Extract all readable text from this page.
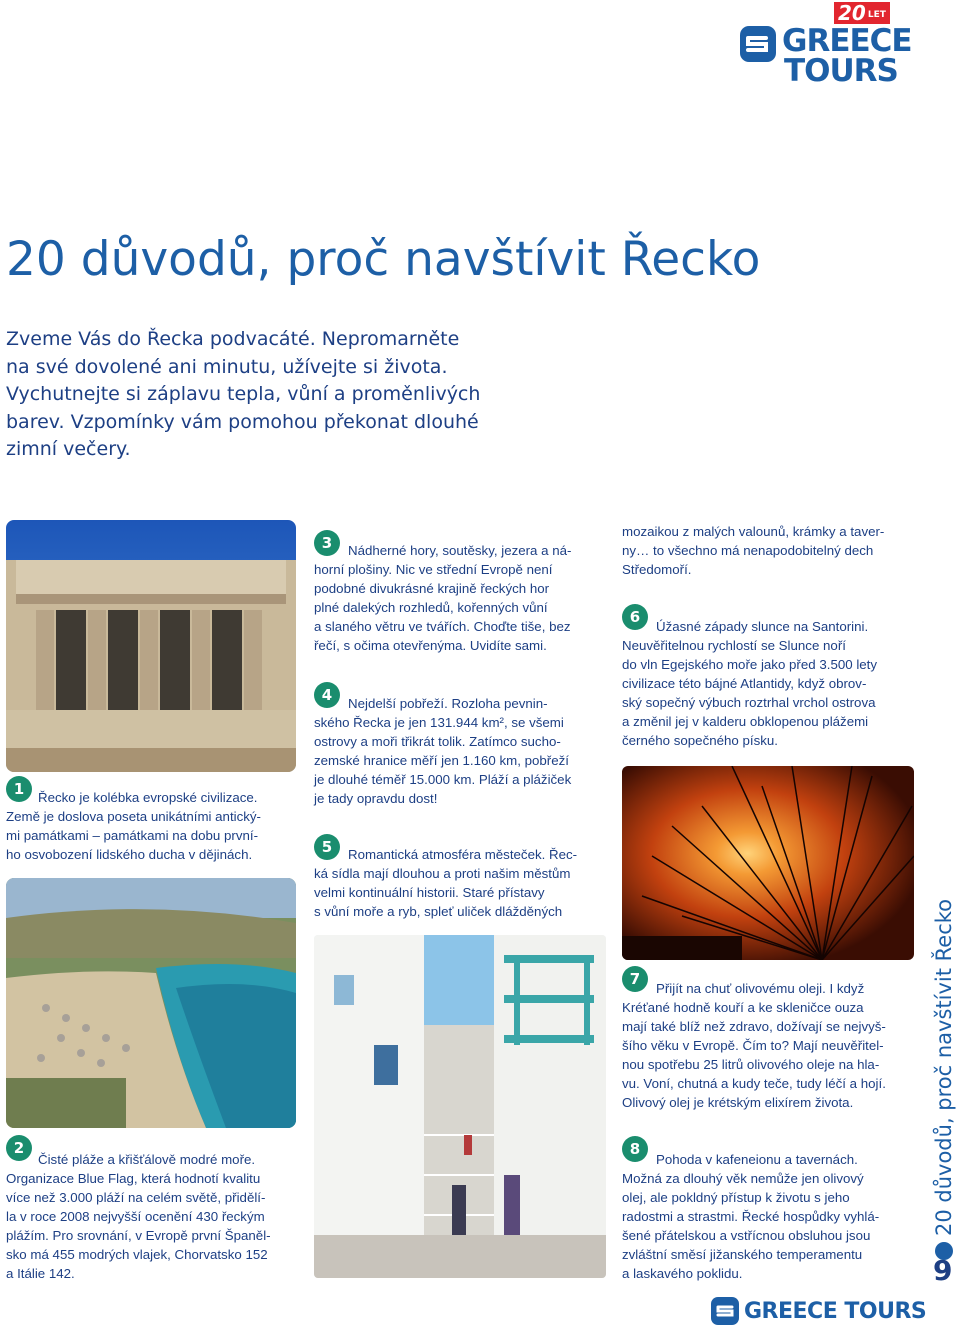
20 LET
GREECE
TOURS
20 důvodů, proč navštívit Řecko

Zveme Vás do Řecka podvacáté. Nepromarněte

na své dovolené ani minutu, užívejte si života.

Vychutnejte si záplavu tepla, vůní a proměnlivých

barev. Vzpomínky vám pomohou překonat dlouhé

zimní večery.

1	Řecko je kolébka evropské civilizace.
Země je doslova poseta unikátními antický-
mi památkami – památkami na dobu první-
ho osvobození lidského ducha v dějinách.
2
Čisté pláže a křišťálově modré moře.
Organizace Blue Flag, která hodnotí kvalitu
více než 3.000 pláží na celém světě, přidělí-
la v roce 2008 nejvyšší ocenění 430 řeckým
plážím. Pro srovnání, v Evropě první Španěl-
sko má 455 modrých vlajek, Chorvatsko 152
a Itálie 142.
3	Nádherné hory, soutěsky, jezera a ná-
horní plošiny. Nic ve střední Evropě není
podobné divukrásné krajině řeckých hor
plné dalekých rozhledů, kořenných vůní
a slaného větru ve tvářích. Choďte tiše, bez
řečí, s očima otevřenýma. Uvidíte sami.
4	Nejdelší pobřeží. Rozloha pevnin-
ského Řecka je jen 131.944 km², se všemi
ostrovy a moři třikrát tolik. Zatímco sucho-
zemské hranice měří jen 1.160 km, pobřeží
je dlouhé téměř 15.000 km. Pláží a plážiček
je tady opravdu dost!
5	Romantická atmosféra městeček. Řec-
ká sídla mají dlouhou a proti našim městům
velmi kontinuální historii. Staré přístavy
s vůní moře a ryb, spleť uliček dlážděných
mozaikou z malých valounů, krámky a taver-
ny… to všechno má nenapodobitelný dech
Středomoří.
6
Úžasné západy slunce na Santorini.
Neuvěřitelnou rychlostí se Slunce noří
do vln Egejského moře jako před 3.500 lety
civilizace této bájné Atlantidy, když obrov-
ský sopečný výbuch roztrhal vrchol ostrova
a změnil jej v kalderu obklopenou plážemi
černého sopečného písku.
7
Přijít na chuť olivovému oleji. I když
Kréťané hodně kouří a ke skleničce ouza
mají také blíž než zdravo, dožívají se nejvyš-
šího věku v Evropě. Čím to? Mají neuvěřitel-
nou spotřebu 25 litrů olivového oleje na hla-
vu. Voní, chutná a kudy teče, tudy léčí a hojí.
Olivový olej je krétským elixírem života.
8
Pohoda v kafeneionu a tavernách.
Možná za dlouhý věk nemůže jen olivový
olej, ale pokldný přístup k životu s jeho
radostmi a strastmi. Řecké hospůdky vyhlá-
šené přátelskou a vstřícnou obsluhou jsou
zvláštní směsí jižanského temperamentu
a laskavého poklidu.
20 důvodů, proč navštívit Řecko
9
GREECE TOURS
